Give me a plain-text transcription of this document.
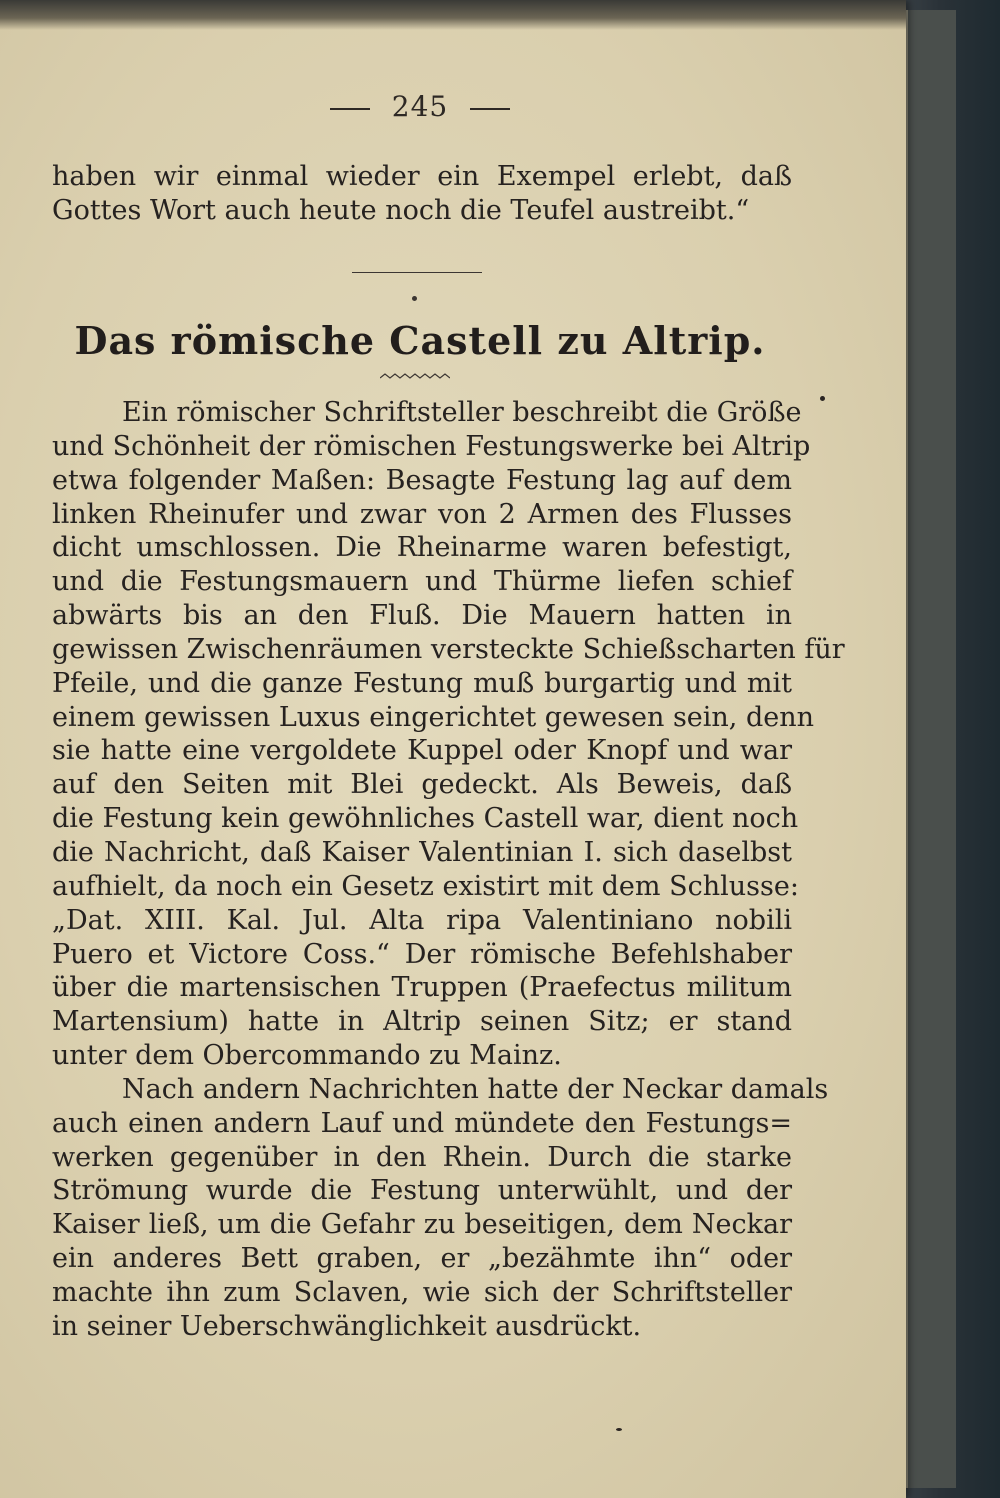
245
haben wir einmal wieder ein Exempel erlebt, daß
Gottes Wort auch heute noch die Teufel austreibt.“
Das römische Castell zu Altrip.
Ein römischer Schriftsteller beschreibt die Größe
und Schönheit der römischen Festungswerke bei Altrip
etwa folgender Maßen: Besagte Festung lag auf dem
linken Rheinufer und zwar von 2 Armen des Flusses
dicht umschlossen. Die Rheinarme waren befestigt,
und die Festungsmauern und Thürme liefen schief
abwärts bis an den Fluß. Die Mauern hatten in
gewissen Zwischenräumen versteckte Schießscharten für
Pfeile, und die ganze Festung muß burgartig und mit
einem gewissen Luxus eingerichtet gewesen sein, denn
sie hatte eine vergoldete Kuppel oder Knopf und war
auf den Seiten mit Blei gedeckt. Als Beweis, daß
die Festung kein gewöhnliches Castell war, dient noch
die Nachricht, daß Kaiser Valentinian I. sich daselbst
aufhielt, da noch ein Gesetz existirt mit dem Schlusse:
„Dat. XIII. Kal. Jul. Alta ripa Valentiniano nobili
Puero et Victore Coss.“ Der römische Befehlshaber
über die martensischen Truppen (Praefectus militum
Martensium) hatte in Altrip seinen Sitz; er stand
unter dem Obercommando zu Mainz.
Nach andern Nachrichten hatte der Neckar damals
auch einen andern Lauf und mündete den Festungs=
werken gegenüber in den Rhein. Durch die starke
Strömung wurde die Festung unterwühlt, und der
Kaiser ließ, um die Gefahr zu beseitigen, dem Neckar
ein anderes Bett graben, er „bezähmte ihn“ oder
machte ihn zum Sclaven, wie sich der Schriftsteller
in seiner Ueberschwänglichkeit ausdrückt.
